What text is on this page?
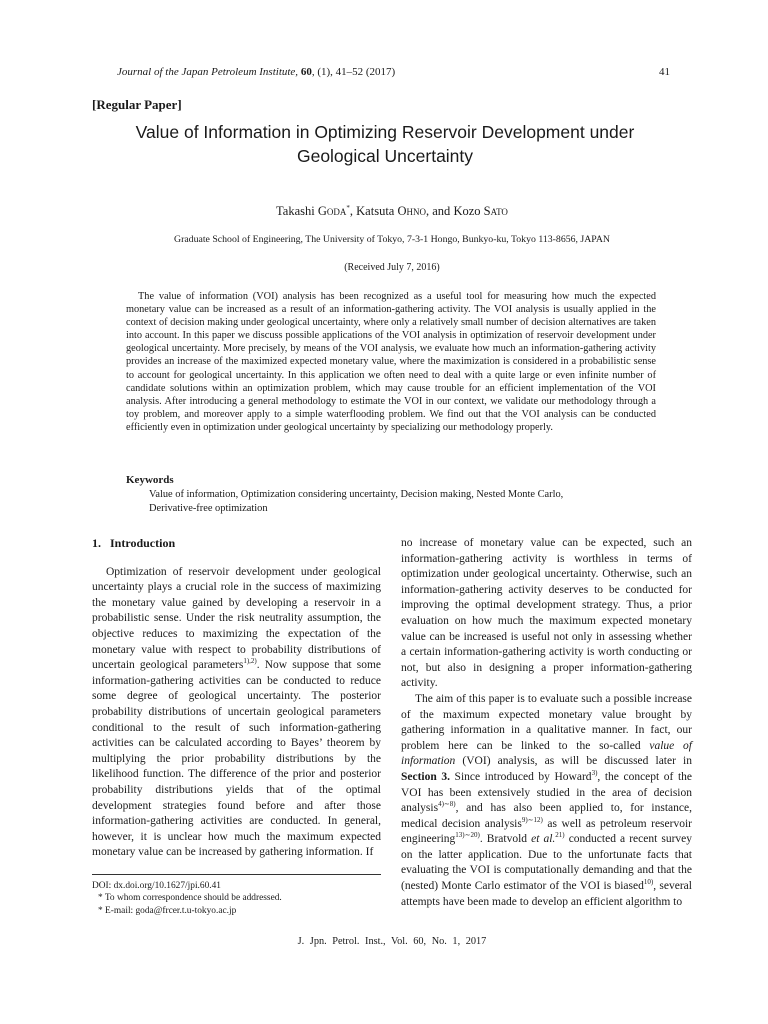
Journal of the Japan Petroleum Institute, 60, (1), 41–52 (2017)	41
[Regular Paper]
Value of Information in Optimizing Reservoir Development under
Geological Uncertainty
Takashi Goda*, Katsuta Ohno, and Kozo Sato
Graduate School of Engineering, The University of Tokyo, 7-3-1 Hongo, Bunkyo-ku, Tokyo 113-8656, JAPAN
(Received July 7, 2016)
The value of information (VOI) analysis has been recognized as a useful tool for measuring how much the expected monetary value can be increased as a result of an information-gathering activity. The VOI analysis is usually applied in the context of decision making under geological uncertainty, where only a relatively small number of decision alternatives are taken into account. In this paper we discuss possible applications of the VOI analysis in optimization of reservoir development under geological uncertainty. More precisely, by means of the VOI analysis, we evaluate how much an information-gathering activity provides an increase of the maximized expected monetary value, where the maximization is considered in a probabilistic sense to account for geological uncertainty. In this application we often need to deal with a quite large or even infinite number of candidate solutions within an optimization problem, which may cause trouble for an efficient implementation of the VOI analysis. After introducing a general methodology to estimate the VOI in our context, we validate our methodology through a toy problem, and moreover apply to a simple waterflooding problem. We find out that the VOI analysis can be conducted efficiently even in optimization under geological uncertainty by specializing our methodology properly.
Keywords
Value of information, Optimization considering uncertainty, Decision making, Nested Monte Carlo,
Derivative-free optimization
1. Introduction

Optimization of reservoir development under geological uncertainty plays a crucial role in the success of maximizing the monetary value gained by developing a reservoir in a probabilistic sense. Under the risk neutrality assumption, the objective reduces to maximizing the expectation of the monetary value with respect to probability distributions of uncertain geological parameters$^{1),2)}$. Now suppose that some information-gathering activities can be conducted to reduce some degree of geological uncertainty. The posterior probability distributions of uncertain geological parameters conditional to the result of such information-gathering activities can be calculated according to Bayes’ theorem by multiplying the prior probability distributions by the likelihood function. The difference of the prior and posterior probability distributions yields that of the optimal development strategies found before and after those information-gathering activities are conducted. In general, however, it is unclear how much the maximum expected monetary value can be increased by gathering information. If

no increase of monetary value can be expected, such an information-gathering activity is worthless in terms of optimization under geological uncertainty. Otherwise, such an information-gathering activity deserves to be conducted for improving the optimal development strategy. Thus, a prior evaluation on how much the maximum expected monetary value can be increased is useful not only in assessing whether a certain information-gathering activity is worth conducting or not, but also in designing a proper information-gathering activity.

The aim of this paper is to evaluate such a possible increase of the maximum expected monetary value brought by gathering information in a qualitative manner. In fact, our problem here can be linked to the so-called value of information (VOI) analysis, as will be discussed later in Section 3. Since introduced by Howard$^{3)}$, the concept of the VOI has been extensively studied in the area of decision analysis$^{4)\sim 8)}$, and has also been applied to, for instance, medical decision analysis$^{9)\sim 12)}$ as well as petroleum reservoir engineering$^{13)\sim 20)}$. Bratvold et al.$^{21)}$ conducted a recent survey on the latter application. Due to the unfortunate facts that evaluating the VOI is computationally demanding and that the (nested) Monte Carlo estimator of the VOI is biased$^{10)}$, several attempts have been made to develop an efficient algorithm to

DOI: dx.doi.org/10.1627/jpi.60.41
* To whom correspondence should be addressed.
* E-mail: goda@frcer.t.u-tokyo.ac.jp
J. Jpn. Petrol. Inst., Vol. 60, No. 1, 2017
